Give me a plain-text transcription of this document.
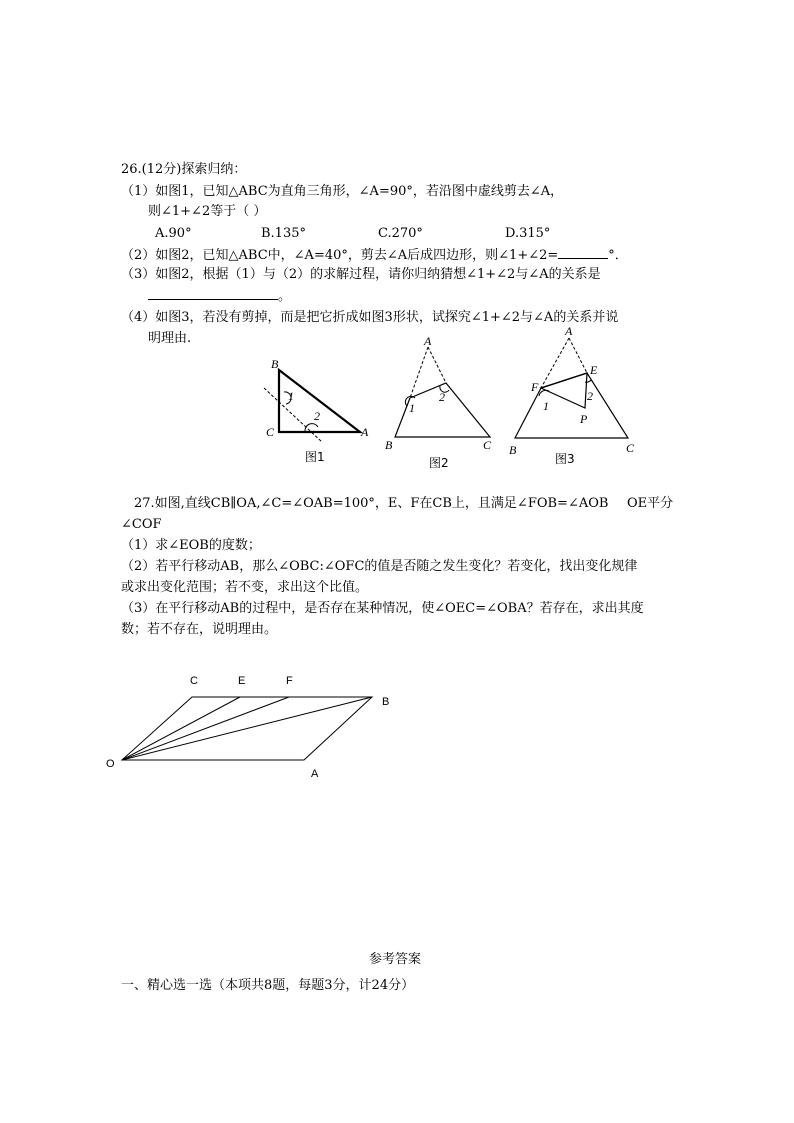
26.(12分)探索归纳：
（1）如图1，已知△ABC为直角三角形，∠A=90°，若沿图中虚线剪去∠A，
则∠1+∠2等于（ ）
A.90°	B.135°	C.270°	D.315°
（2）如图2，已知△ABC中，∠A=40°，剪去∠A后成四边形，则∠1+∠2=	°．
（3）如图2，根据（1）与（2）的求解过程，请你归纳猜想∠1+∠2与∠A的关系是
。
（4）如图3，若没有剪掉，而是把它折成如图3形状，试探究∠1+∠2与∠A的关系并说
明理由.
B
C	A
1
2
图1
A
B	C
1
2
图2
A
E
F
P
B	C
1
2
图3
27.如图,直线CB∥OA,∠C=∠OAB=100°，E、F在CB上，且满足∠FOB=∠AOB OE平分
∠COF
（1）求∠EOB的度数；
（2）若平行移动AB，那么∠OBC:∠OFC的值是否随之发生变化？若变化，找出变化规律
或求出变化范围；若不变，求出这个比值。
（3）在平行移动AB的过程中，是否存在某种情况，使∠OEC=∠OBA？若存在，求出其度
数；若不存在，说明理由。
C	E	F
B
O
A
参考答案
一、精心选一选（本项共8题，每题3分，计24分）
